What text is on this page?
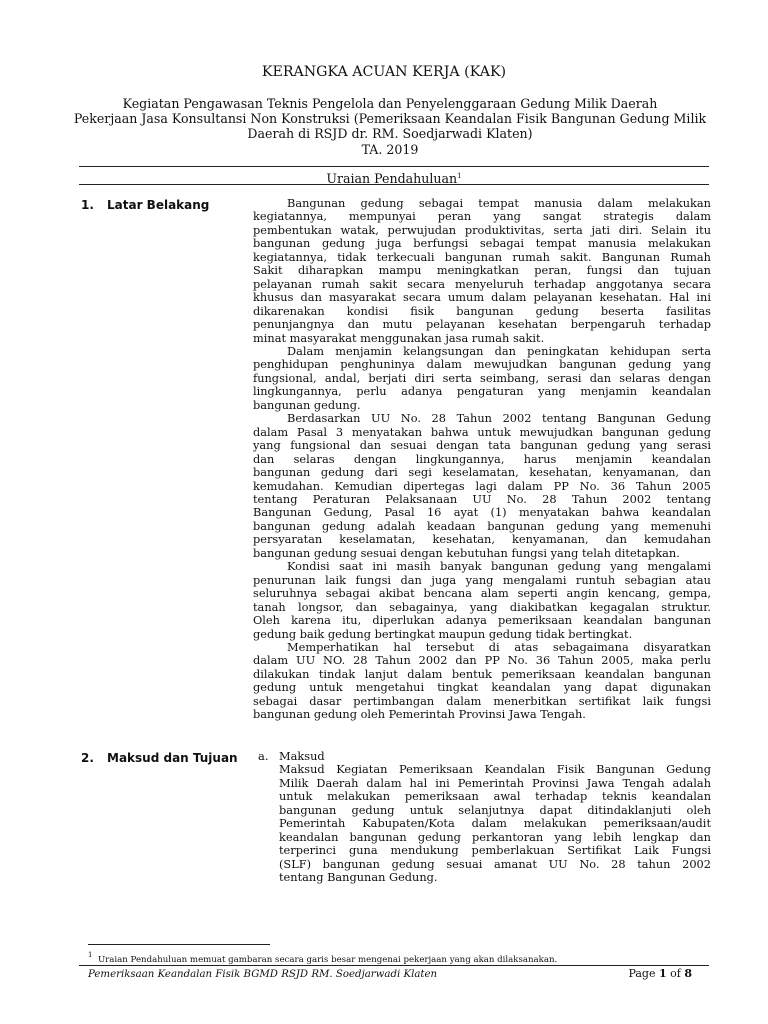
KERANGKA ACUAN KERJA (KAK)
Kegiatan Pengawasan Teknis Pengelola dan Penyelenggaraan Gedung Milik Daerah
Pekerjaan Jasa Konsultansi Non Konstruksi (Pemeriksaan Keandalan Fisik Bangunan Gedung Milik
Daerah di RSJD dr. RM. Soedjarwadi Klaten)
TA. 2019
Uraian Pendahuluan$^1$
1. Latar Belakang	Bangunan gedung sebagai tempat manusia dalam melakukan
kegiatannya, mempunyai peran yang sangat strategis dalam
pembentukan watak, perwujudan produktivitas, serta jati diri. Selain itu
bangunan gedung juga berfungsi sebagai tempat manusia melakukan
kegiatannya, tidak terkecuali bangunan rumah sakit. Bangunan Rumah
Sakit diharapkan mampu meningkatkan peran, fungsi dan tujuan
pelayanan rumah sakit secara menyeluruh terhadap anggotanya secara
khusus dan masyarakat secara umum dalam pelayanan kesehatan. Hal ini
dikarenakan kondisi fisik bangunan gedung beserta fasilitas
penunjangnya dan mutu pelayanan kesehatan berpengaruh terhadap
minat masyarakat menggunakan jasa rumah sakit.
Dalam menjamin kelangsungan dan peningkatan kehidupan serta
penghidupan penghuninya dalam mewujudkan bangunan gedung yang
fungsional, andal, berjati diri serta seimbang, serasi dan selaras dengan
lingkungannya, perlu adanya pengaturan yang menjamin keandalan
bangunan gedung.
Berdasarkan UU No. 28 Tahun 2002 tentang Bangunan Gedung
dalam Pasal 3 menyatakan bahwa untuk mewujudkan bangunan gedung
yang fungsional dan sesuai dengan tata bangunan gedung yang serasi
dan selaras dengan lingkungannya, harus menjamin keandalan
bangunan gedung dari segi keselamatan, kesehatan, kenyamanan, dan
kemudahan. Kemudian dipertegas lagi dalam PP No. 36 Tahun 2005
tentang Peraturan Pelaksanaan UU No. 28 Tahun 2002 tentang
Bangunan Gedung, Pasal 16 ayat (1) menyatakan bahwa keandalan
bangunan gedung adalah keadaan bangunan gedung yang memenuhi
persyaratan keselamatan, kesehatan, kenyamanan, dan kemudahan
bangunan gedung sesuai dengan kebutuhan fungsi yang telah ditetapkan.
Kondisi saat ini masih banyak bangunan gedung yang mengalami
penurunan laik fungsi dan juga yang mengalami runtuh sebagian atau
seluruhnya sebagai akibat bencana alam seperti angin kencang, gempa,
tanah longsor, dan sebagainya, yang diakibatkan kegagalan struktur.
Oleh karena itu, diperlukan adanya pemeriksaan keandalan bangunan
gedung baik gedung bertingkat maupun gedung tidak bertingkat.
Memperhatikan hal tersebut di atas sebagaimana disyaratkan
dalam UU NO. 28 Tahun 2002 dan PP No. 36 Tahun 2005, maka perlu
dilakukan tindak lanjut dalam bentuk pemeriksaan keandalan bangunan
gedung untuk mengetahui tingkat keandalan yang dapat digunakan
sebagai dasar pertimbangan dalam menerbitkan sertifikat laik fungsi
bangunan gedung oleh Pemerintah Provinsi Jawa Tengah.
2. Maksud dan Tujuan a. Maksud
Maksud Kegiatan Pemeriksaan Keandalan Fisik Bangunan Gedung
Milik Daerah dalam hal ini Pemerintah Provinsi Jawa Tengah adalah
untuk melakukan pemeriksaan awal terhadap teknis keandalan
bangunan gedung untuk selanjutnya dapat ditindaklanjuti oleh
Pemerintah Kabupaten/Kota dalam melakukan pemeriksaan/audit
keandalan bangunan gedung perkantoran yang lebih lengkap dan
terperinci guna mendukung pemberlakuan Sertifikat Laik Fungsi
(SLF) bangunan gedung sesuai amanat UU No. 28 tahun 2002
tentang Bangunan Gedung.
$^1$ Uraian Pendahuluan memuat gambaran secara garis besar mengenai pekerjaan yang akan dilaksanakan.
Pemeriksaan Keandalan Fisik BGMD RSJD RM. Soedjarwadi Klaten	Page 1 of 8
